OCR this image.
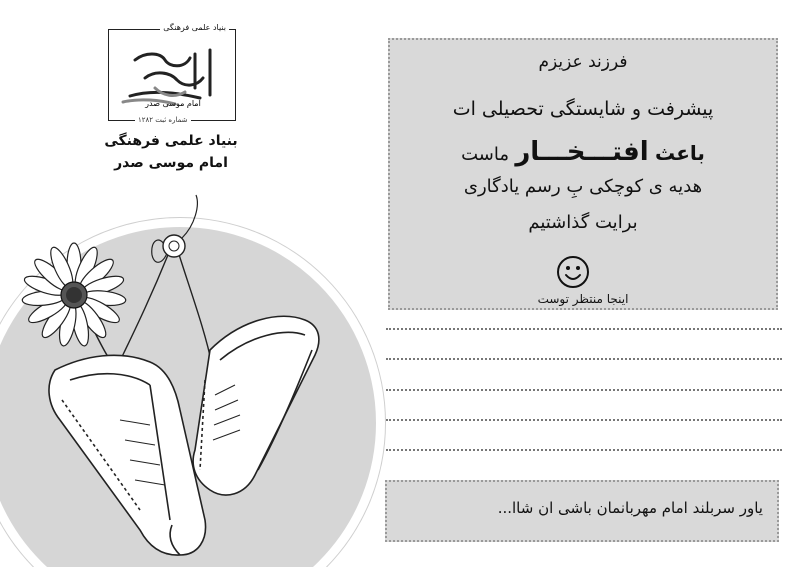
بنیاد علمی فرهنگی
امام موسی صدر
شماره ثبت ۱۲۸۲
بنیاد علمی فرهنگی
امام موسی صدر
فرزند عزیزم
پیشرفت و شایستگی تحصیلی ات
باعث افتـــخـــار ماست
هدیه ی کوچکی بِ رسم یادگاری
برایت گذاشتیم
اینجا منتظر توست
یاور سربلند امام مهربانمان باشی ان شاا...
